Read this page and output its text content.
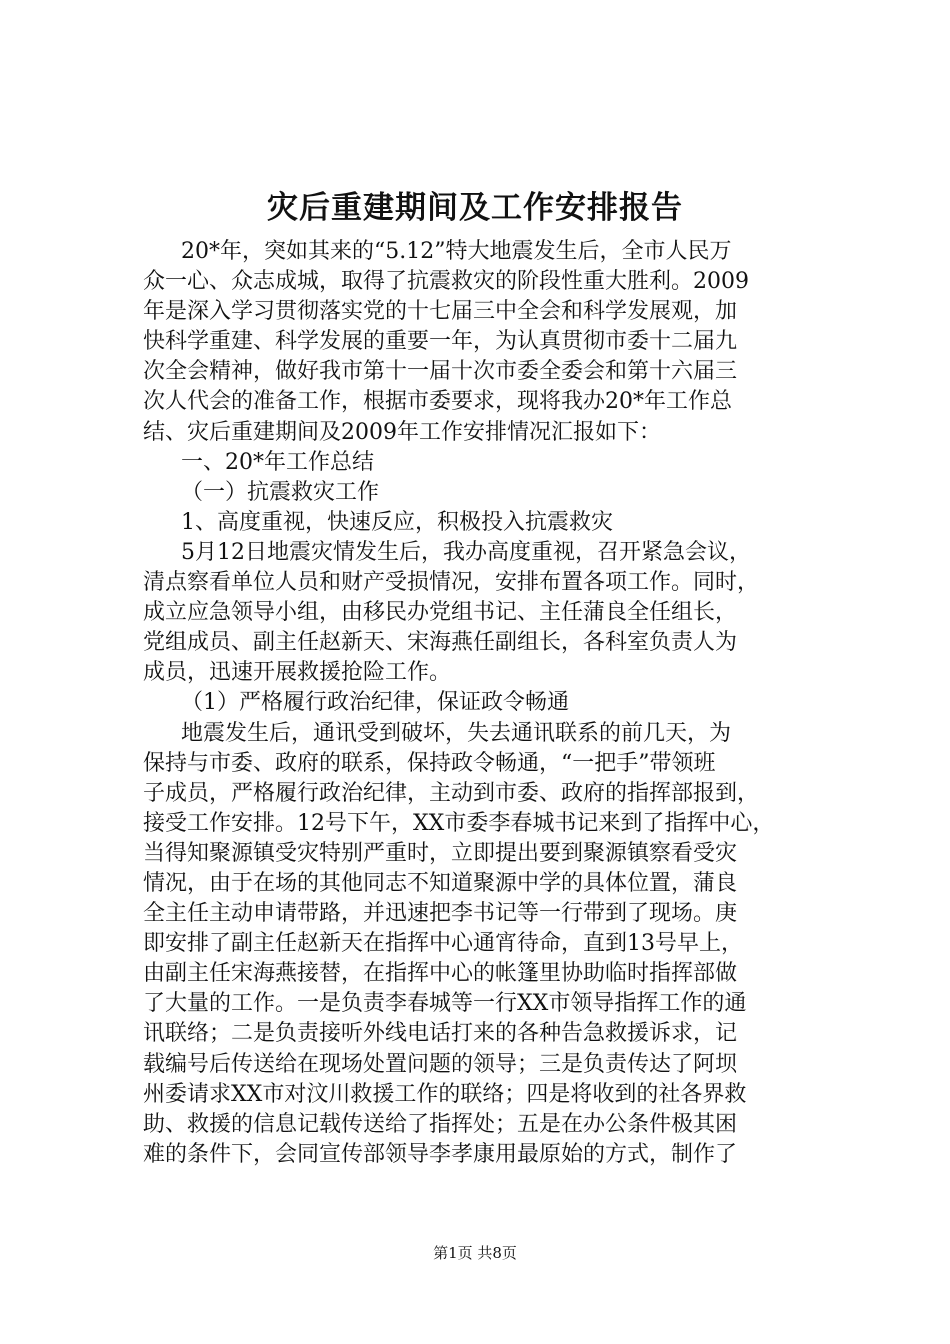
灾后重建期间及工作安排报告
20*年，突如其来的“5.12”特大地震发生后，全市人民万
众一心、众志成城，取得了抗震救灾的阶段性重大胜利。2009
年是深入学习贯彻落实党的十七届三中全会和科学发展观，加
快科学重建、科学发展的重要一年，为认真贯彻市委十二届九
次全会精神，做好我市第十一届十次市委全委会和第十六届三
次人代会的准备工作，根据市委要求，现将我办20*年工作总
结、灾后重建期间及2009年工作安排情况汇报如下：
一、20*年工作总结
（一）抗震救灾工作
1、高度重视，快速反应，积极投入抗震救灾
5月12日地震灾情发生后，我办高度重视，召开紧急会议，
清点察看单位人员和财产受损情况，安排布置各项工作。同时，
成立应急领导小组，由移民办党组书记、主任蒲良全任组长，
党组成员、副主任赵新天、宋海燕任副组长，各科室负责人为
成员，迅速开展救援抢险工作。
（1）严格履行政治纪律，保证政令畅通
地震发生后，通讯受到破坏，失去通讯联系的前几天，为
保持与市委、政府的联系，保持政令畅通，“一把手”带领班
子成员，严格履行政治纪律，主动到市委、政府的指挥部报到，
接受工作安排。12号下午，XX市委李春城书记来到了指挥中心，
当得知聚源镇受灾特别严重时，立即提出要到聚源镇察看受灾
情况，由于在场的其他同志不知道聚源中学的具体位置，蒲良
全主任主动申请带路，并迅速把李书记等一行带到了现场。庚
即安排了副主任赵新天在指挥中心通宵待命，直到13号早上，
由副主任宋海燕接替，在指挥中心的帐篷里协助临时指挥部做
了大量的工作。一是负责李春城等一行XX市领导指挥工作的通
讯联络；二是负责接听外线电话打来的各种告急救援诉求，记
载编号后传送给在现场处置问题的领导；三是负责传达了阿坝
州委请求XX市对汶川救援工作的联络；四是将收到的社各界救
助、救援的信息记载传送给了指挥处；五是在办公条件极其困
难的条件下，会同宣传部领导李孝康用最原始的方式，制作了
第1页 共8页
